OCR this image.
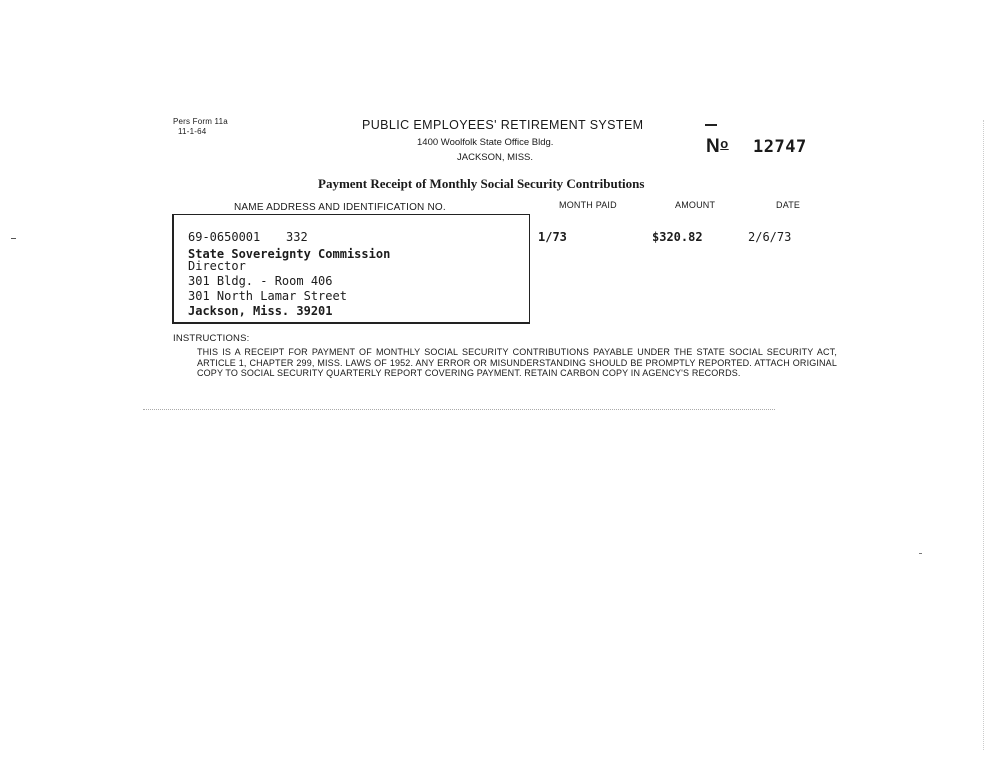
Pers Form 11a
11-1-64	PUBLIC EMPLOYEES' RETIREMENT SYSTEM
1400 Woolfolk State Office Bldg.
JACKSON, MISS.
$N^o$ 12747
Payment Receipt of Monthly Social Security Contributions
NAME ADDRESS AND IDENTIFICATION NO.	MONTH PAID	AMOUNT	DATE
69-0650001 332
State Sovereignty Commission
Director
301 Bldg. - Room 406
301 North Lamar Street
Jackson, Miss. 39201
1/73	$320.82	2/6/73
INSTRUCTIONS:
THIS IS A RECEIPT FOR PAYMENT OF MONTHLY SOCIAL SECURITY CONTRIBUTIONS PAYABLE UNDER THE STATE SOCIAL SECURITY ACT, ARTICLE 1, CHAPTER 299, MISS. LAWS OF 1952. ANY ERROR OR MISUNDERSTANDING SHOULD BE PROMPTLY REPORTED. ATTACH ORIGINAL COPY TO SOCIAL SECURITY QUARTERLY REPORT COVERING PAYMENT. RETAIN CARBON COPY IN AGENCY'S RECORDS.
